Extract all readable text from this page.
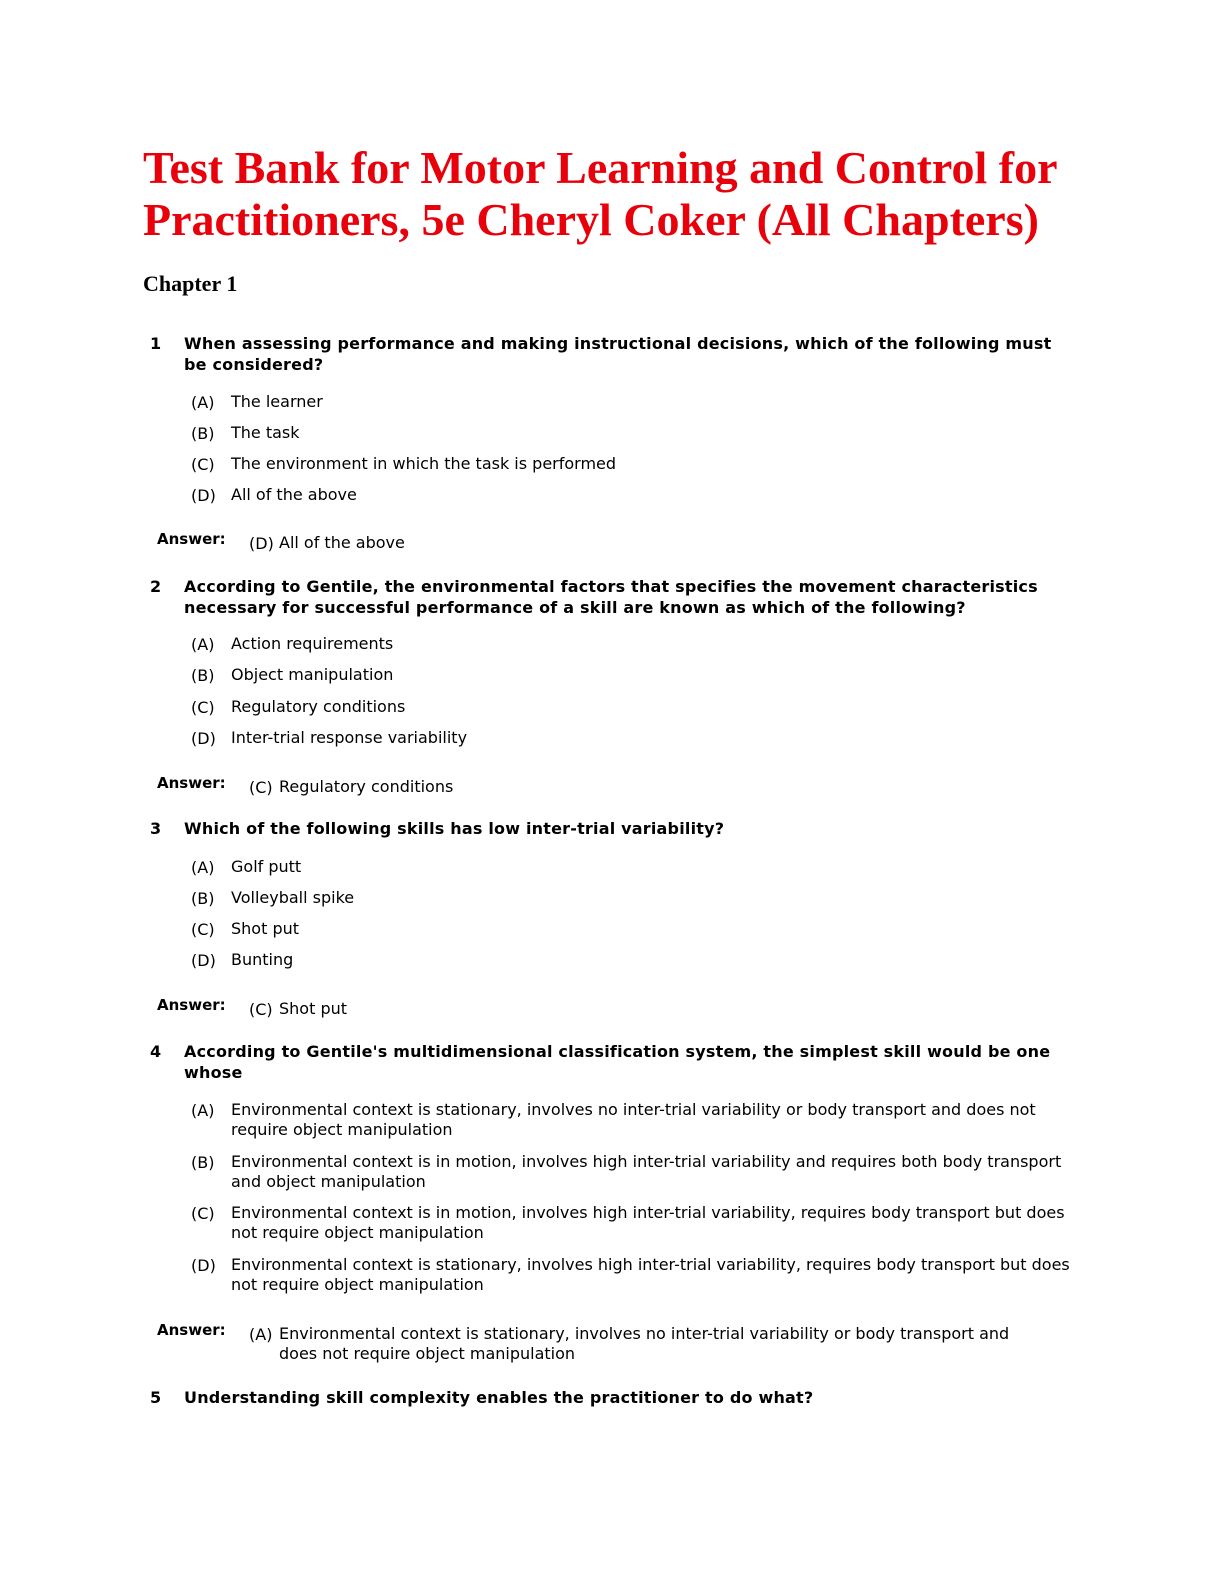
Test Bank for Motor Learning and Control for Practitioners, 5e Cheryl Coker (All Chapters)
Chapter 1
1 When assessing performance and making instructional decisions, which of the following must be considered?
(A) The learner
(B) The task
(C) The environment in which the task is performed
(D) All of the above
Answer: (D) All of the above
2 According to Gentile, the environmental factors that specifies the movement characteristics necessary for successful performance of a skill are known as which of the following?
(A) Action requirements
(B) Object manipulation
(C) Regulatory conditions
(D) Inter-trial response variability
Answer: (C) Regulatory conditions
3 Which of the following skills has low inter-trial variability?
(A) Golf putt
(B) Volleyball spike
(C) Shot put
(D) Bunting
Answer: (C) Shot put
4 According to Gentile's multidimensional classification system, the simplest skill would be one whose
(A) Environmental context is stationary, involves no inter-trial variability or body transport and does not require object manipulation
(B) Environmental context is in motion, involves high inter-trial variability and requires both body transport and object manipulation
(C) Environmental context is in motion, involves high inter-trial variability, requires body transport but does not require object manipulation
(D) Environmental context is stationary, involves high inter-trial variability, requires body transport but does not require object manipulation
Answer: (A) Environmental context is stationary, involves no inter-trial variability or body transport and does not require object manipulation
5 Understanding skill complexity enables the practitioner to do what?
